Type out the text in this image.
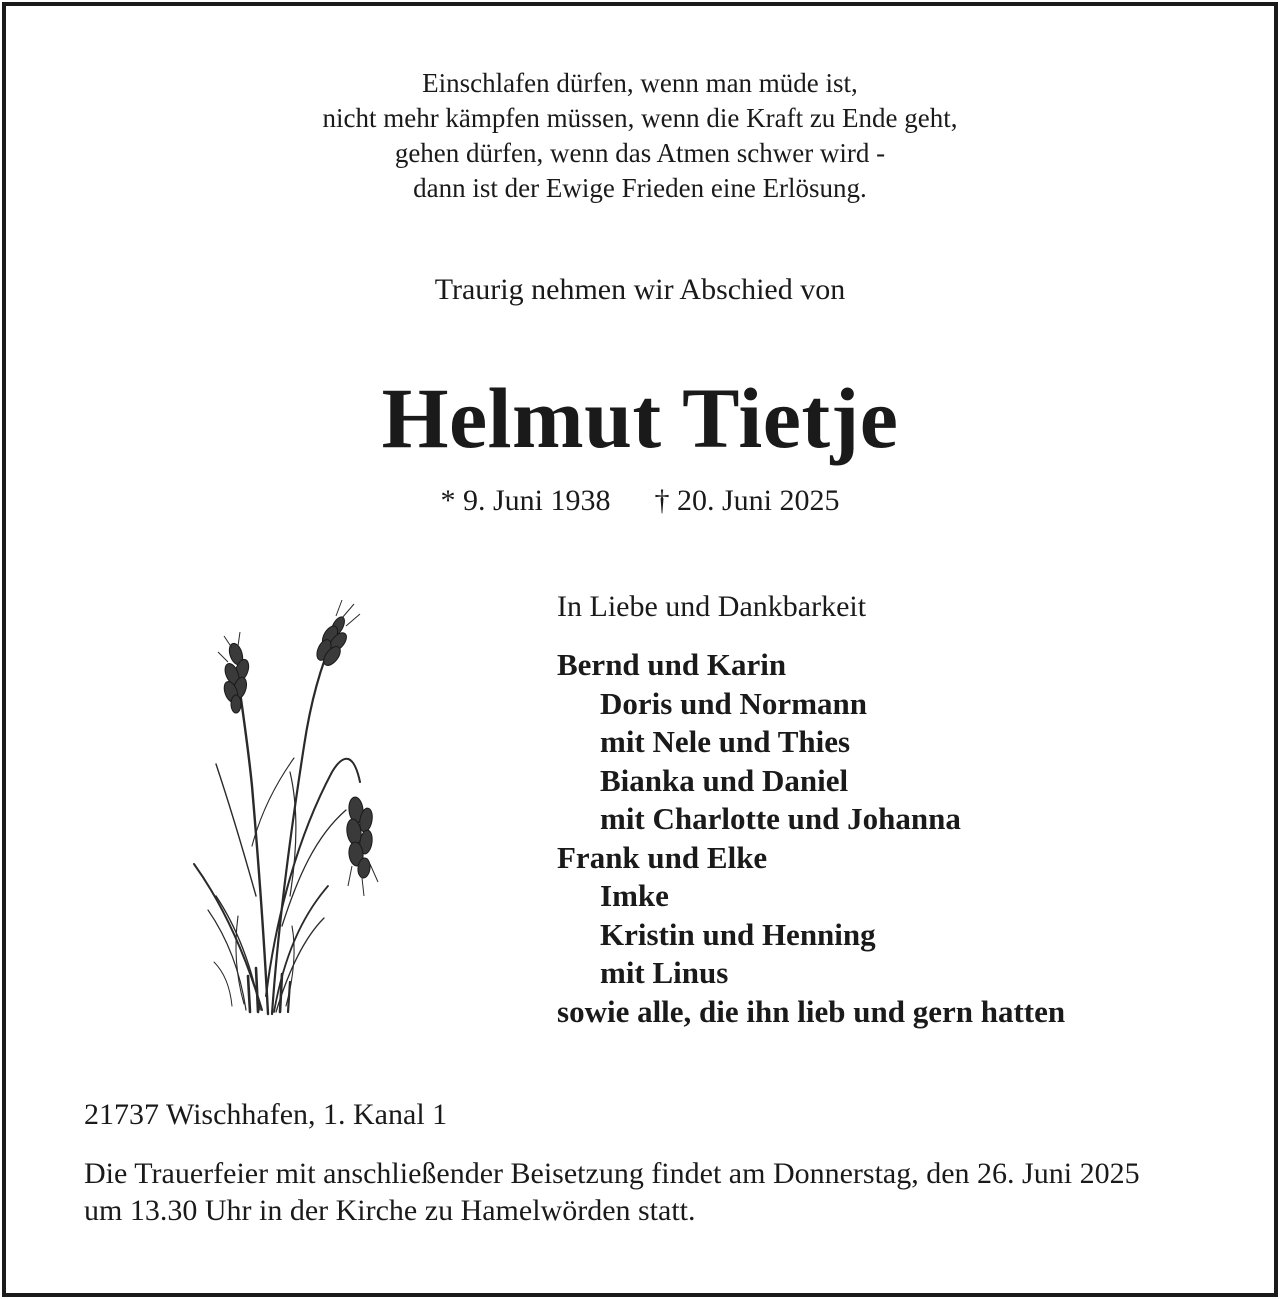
Einschlafen dürfen, wenn man müde ist,
nicht mehr kämpfen müssen, wenn die Kraft zu Ende geht,
gehen dürfen, wenn das Atmen schwer wird -
dann ist der Ewige Frieden eine Erlösung.
Traurig nehmen wir Abschied von
Helmut Tietje
* 9. Juni 1938 † 20. Juni 2025
In Liebe und Dankbarkeit
Bernd und Karin
Doris und Normann
mit Nele und Thies
Bianka und Daniel
mit Charlotte und Johanna
Frank und Elke
Imke
Kristin und Henning
mit Linus
sowie alle, die ihn lieb und gern hatten
21737 Wischhafen, 1. Kanal 1
Die Trauerfeier mit anschließender Beisetzung findet am Donnerstag, den 26. Juni 2025
um 13.30 Uhr in der Kirche zu Hamelwörden statt.
